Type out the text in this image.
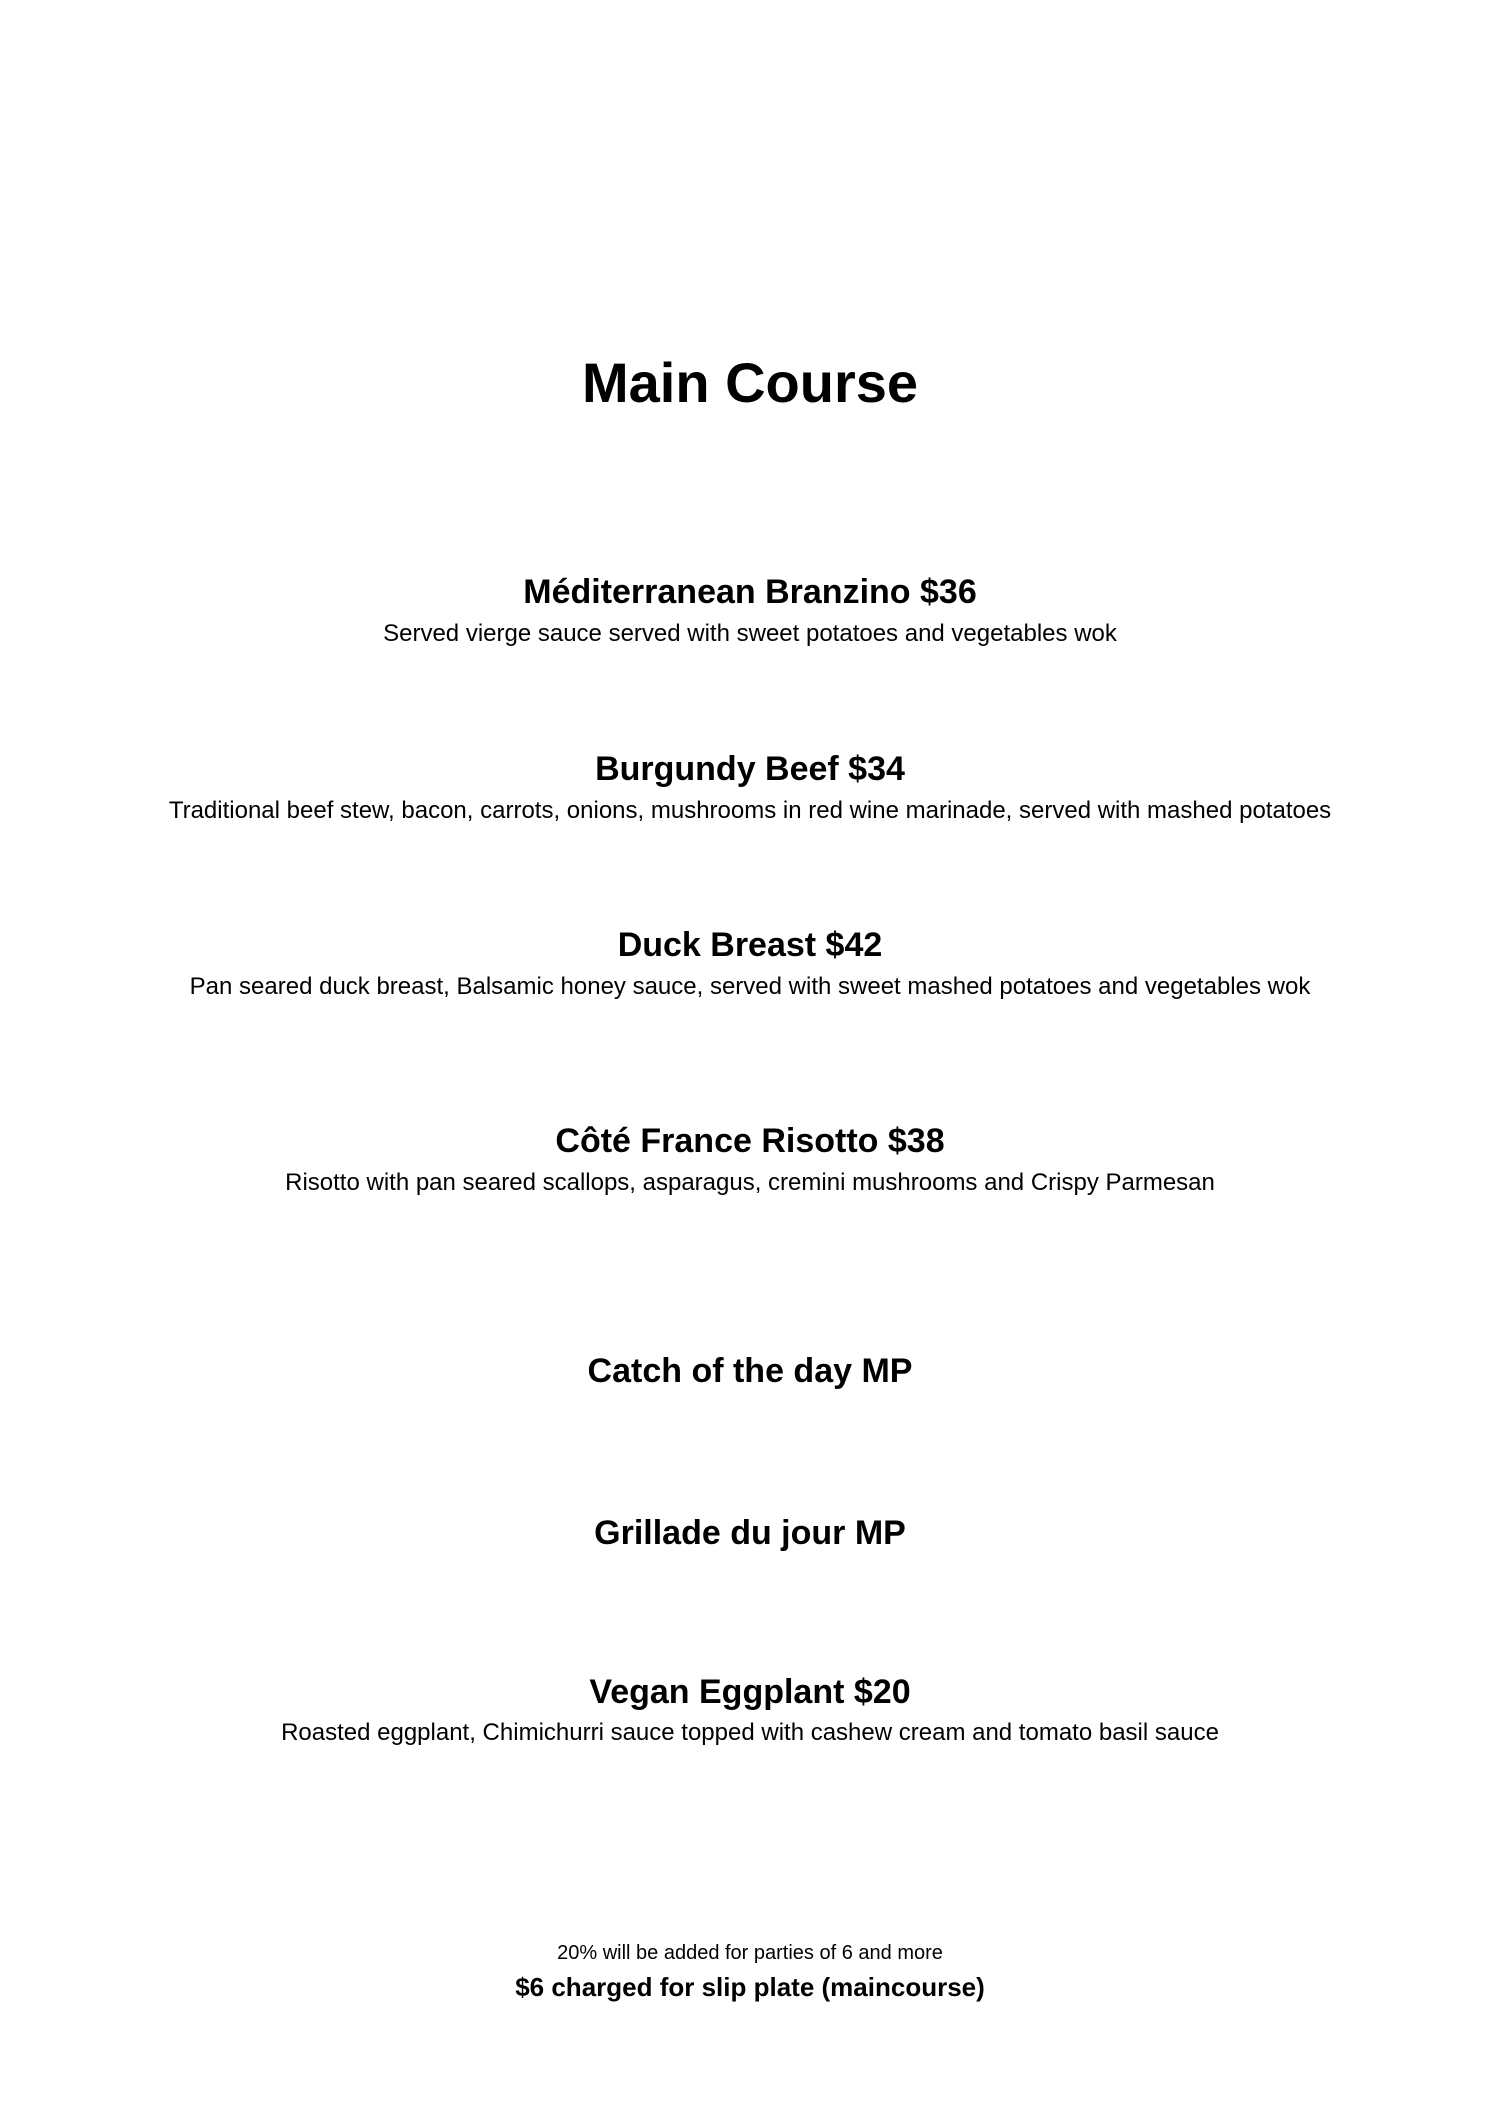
Main Course
Méditerranean Branzino $36
Served vierge sauce served with sweet potatoes and vegetables wok
Burgundy Beef $34
Traditional beef stew, bacon, carrots, onions, mushrooms in red wine marinade, served with mashed potatoes
Duck Breast $42
Pan seared duck breast, Balsamic honey sauce, served with sweet mashed potatoes and vegetables wok
Côté France Risotto $38
Risotto with pan seared scallops, asparagus, cremini mushrooms and Crispy Parmesan
Catch of the day MP
Grillade du jour MP
Vegan Eggplant $20
Roasted eggplant, Chimichurri sauce topped with cashew cream and tomato basil sauce
20% will be added for parties of 6 and more
$6 charged for slip plate (maincourse)
